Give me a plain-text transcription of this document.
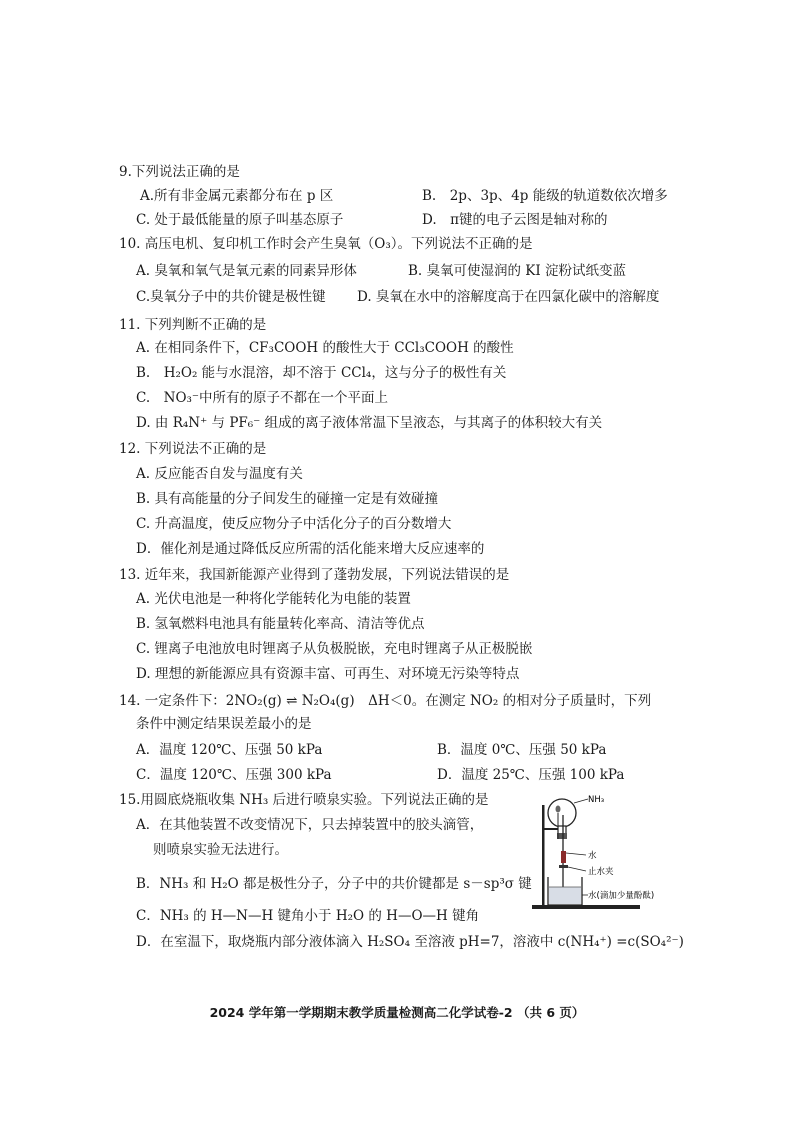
9.下列说法正确的是
A.所有非金属元素都分布在 p 区	B.　2p、3p、4p 能级的轨道数依次增多
C. 处于最低能量的原子叫基态原子	D.　π键的电子云图是轴对称的
10. 高压电机、复印机工作时会产生臭氧（O₃）。下列说法不正确的是
A. 臭氧和氧气是氧元素的同素异形体	B. 臭氧可使湿润的 KI 淀粉试纸变蓝
C.臭氧分子中的共价键是极性键 D. 臭氧在水中的溶解度高于在四氯化碳中的溶解度
11. 下列判断不正确的是
A. 在相同条件下，CF₃COOH 的酸性大于 CCl₃COOH 的酸性
B.　H₂O₂ 能与水混溶，却不溶于 CCl₄，这与分子的极性有关
C.　NO₃⁻中所有的原子不都在一个平面上
D. 由 R₄N⁺ 与 PF₆⁻ 组成的离子液体常温下呈液态，与其离子的体积较大有关
12. 下列说法不正确的是
A. 反应能否自发与温度有关
B. 具有高能量的分子间发生的碰撞一定是有效碰撞
C. 升高温度，使反应物分子中活化分子的百分数增大
D．催化剂是通过降低反应所需的活化能来增大反应速率的
13. 近年来，我国新能源产业得到了蓬勃发展，下列说法错误的是
A. 光伏电池是一种将化学能转化为电能的装置
B. 氢氧燃料电池具有能量转化率高、清洁等优点
C. 锂离子电池放电时锂离子从负极脱嵌，充电时锂离子从正极脱嵌
D. 理想的新能源应具有资源丰富、可再生、对环境无污染等特点
14. 一定条件下：2NO₂(g) ⇌ N₂O₄(g)　ΔH＜0。在测定 NO₂ 的相对分子质量时，下列
条件中测定结果误差最小的是
A．温度 120℃、压强 50 kPa	B．温度 0℃、压强 50 kPa
C．温度 120℃、压强 300 kPa	D．温度 25℃、压强 100 kPa
15.用圆底烧瓶收集 NH₃ 后进行喷泉实验。下列说法正确的是
A．在其他装置不改变情况下，只去掉装置中的胶头滴管，
则喷泉实验无法进行。
B．NH₃ 和 H₂O 都是极性分子，分子中的共价键都是 s－sp³σ 键
C．NH₃ 的 H—N—H 键角小于 H₂O 的 H—O—H 键角
D．在室温下，取烧瓶内部分液体滴入 H₂SO₄ 至溶液 pH=7，溶液中 c(NH₄⁺) =c(SO₄²⁻)
NH₃
水
止水夹
水(滴加少量酚酞)
2024 学年第一学期期末教学质量检测高二化学试卷-2 （共 6 页）
